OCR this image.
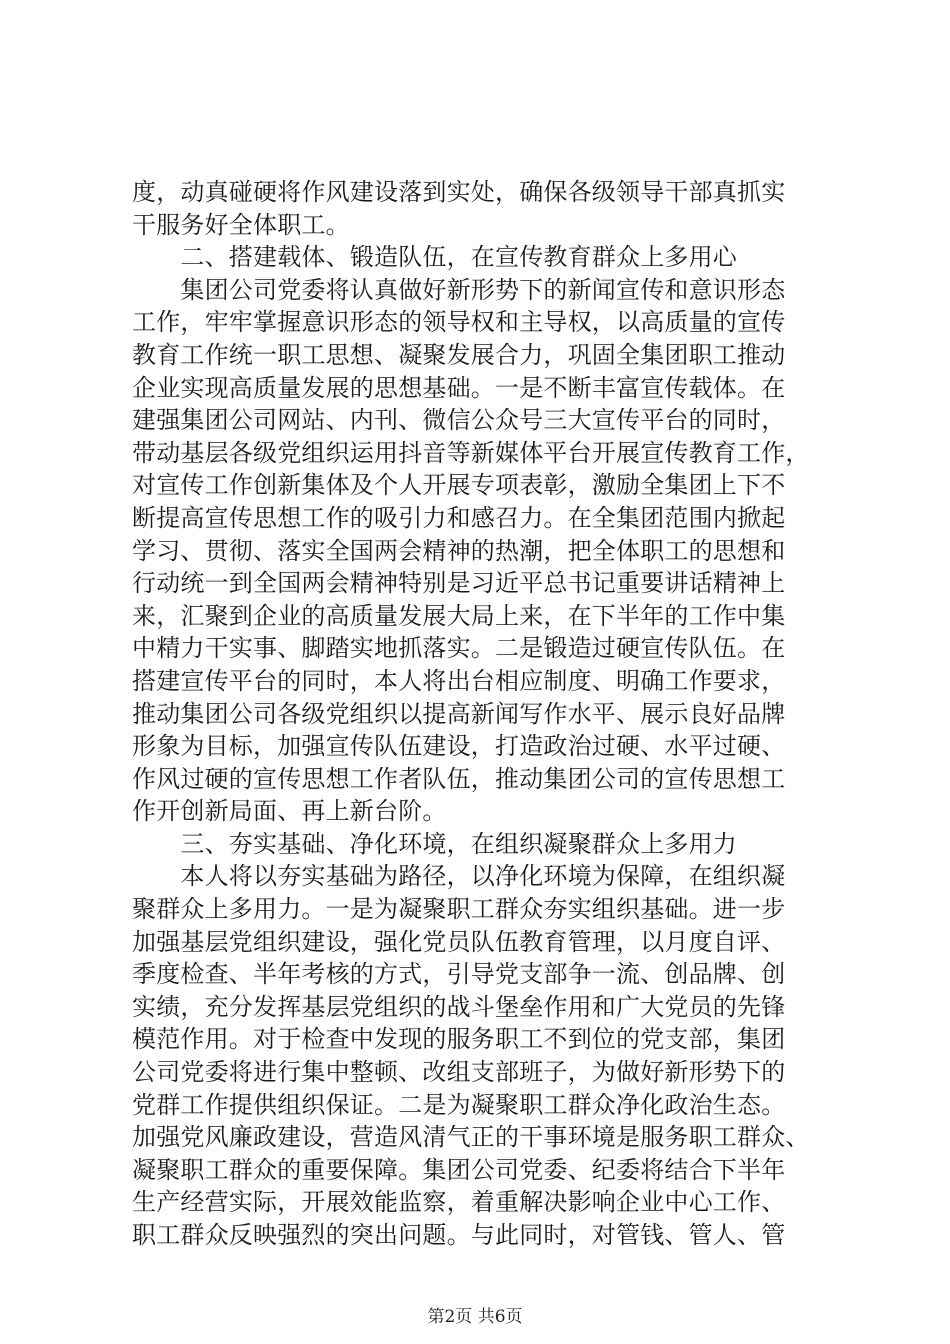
度，动真碰硬将作风建设落到实处，确保各级领导干部真抓实
干服务好全体职工。
　　二、搭建载体、锻造队伍，在宣传教育群众上多用心
　　集团公司党委将认真做好新形势下的新闻宣传和意识形态
工作，牢牢掌握意识形态的领导权和主导权，以高质量的宣传
教育工作统一职工思想、凝聚发展合力，巩固全集团职工推动
企业实现高质量发展的思想基础。一是不断丰富宣传载体。在
建强集团公司网站、内刊、微信公众号三大宣传平台的同时，
带动基层各级党组织运用抖音等新媒体平台开展宣传教育工作，
对宣传工作创新集体及个人开展专项表彰，激励全集团上下不
断提高宣传思想工作的吸引力和感召力。在全集团范围内掀起
学习、贯彻、落实全国两会精神的热潮，把全体职工的思想和
行动统一到全国两会精神特别是习近平总书记重要讲话精神上
来，汇聚到企业的高质量发展大局上来，在下半年的工作中集
中精力干实事、脚踏实地抓落实。二是锻造过硬宣传队伍。在
搭建宣传平台的同时，本人将出台相应制度、明确工作要求，
推动集团公司各级党组织以提高新闻写作水平、展示良好品牌
形象为目标，加强宣传队伍建设，打造政治过硬、水平过硬、
作风过硬的宣传思想工作者队伍，推动集团公司的宣传思想工
作开创新局面、再上新台阶。
　　三、夯实基础、净化环境，在组织凝聚群众上多用力
　　本人将以夯实基础为路径，以净化环境为保障，在组织凝
聚群众上多用力。一是为凝聚职工群众夯实组织基础。进一步
加强基层党组织建设，强化党员队伍教育管理，以月度自评、
季度检查、半年考核的方式，引导党支部争一流、创品牌、创
实绩，充分发挥基层党组织的战斗堡垒作用和广大党员的先锋
模范作用。对于检查中发现的服务职工不到位的党支部，集团
公司党委将进行集中整顿、改组支部班子，为做好新形势下的
党群工作提供组织保证。二是为凝聚职工群众净化政治生态。
加强党风廉政建设，营造风清气正的干事环境是服务职工群众、
凝聚职工群众的重要保障。集团公司党委、纪委将结合下半年
生产经营实际，开展效能监察，着重解决影响企业中心工作、
职工群众反映强烈的突出问题。与此同时，对管钱、管人、管
第2页 共6页
